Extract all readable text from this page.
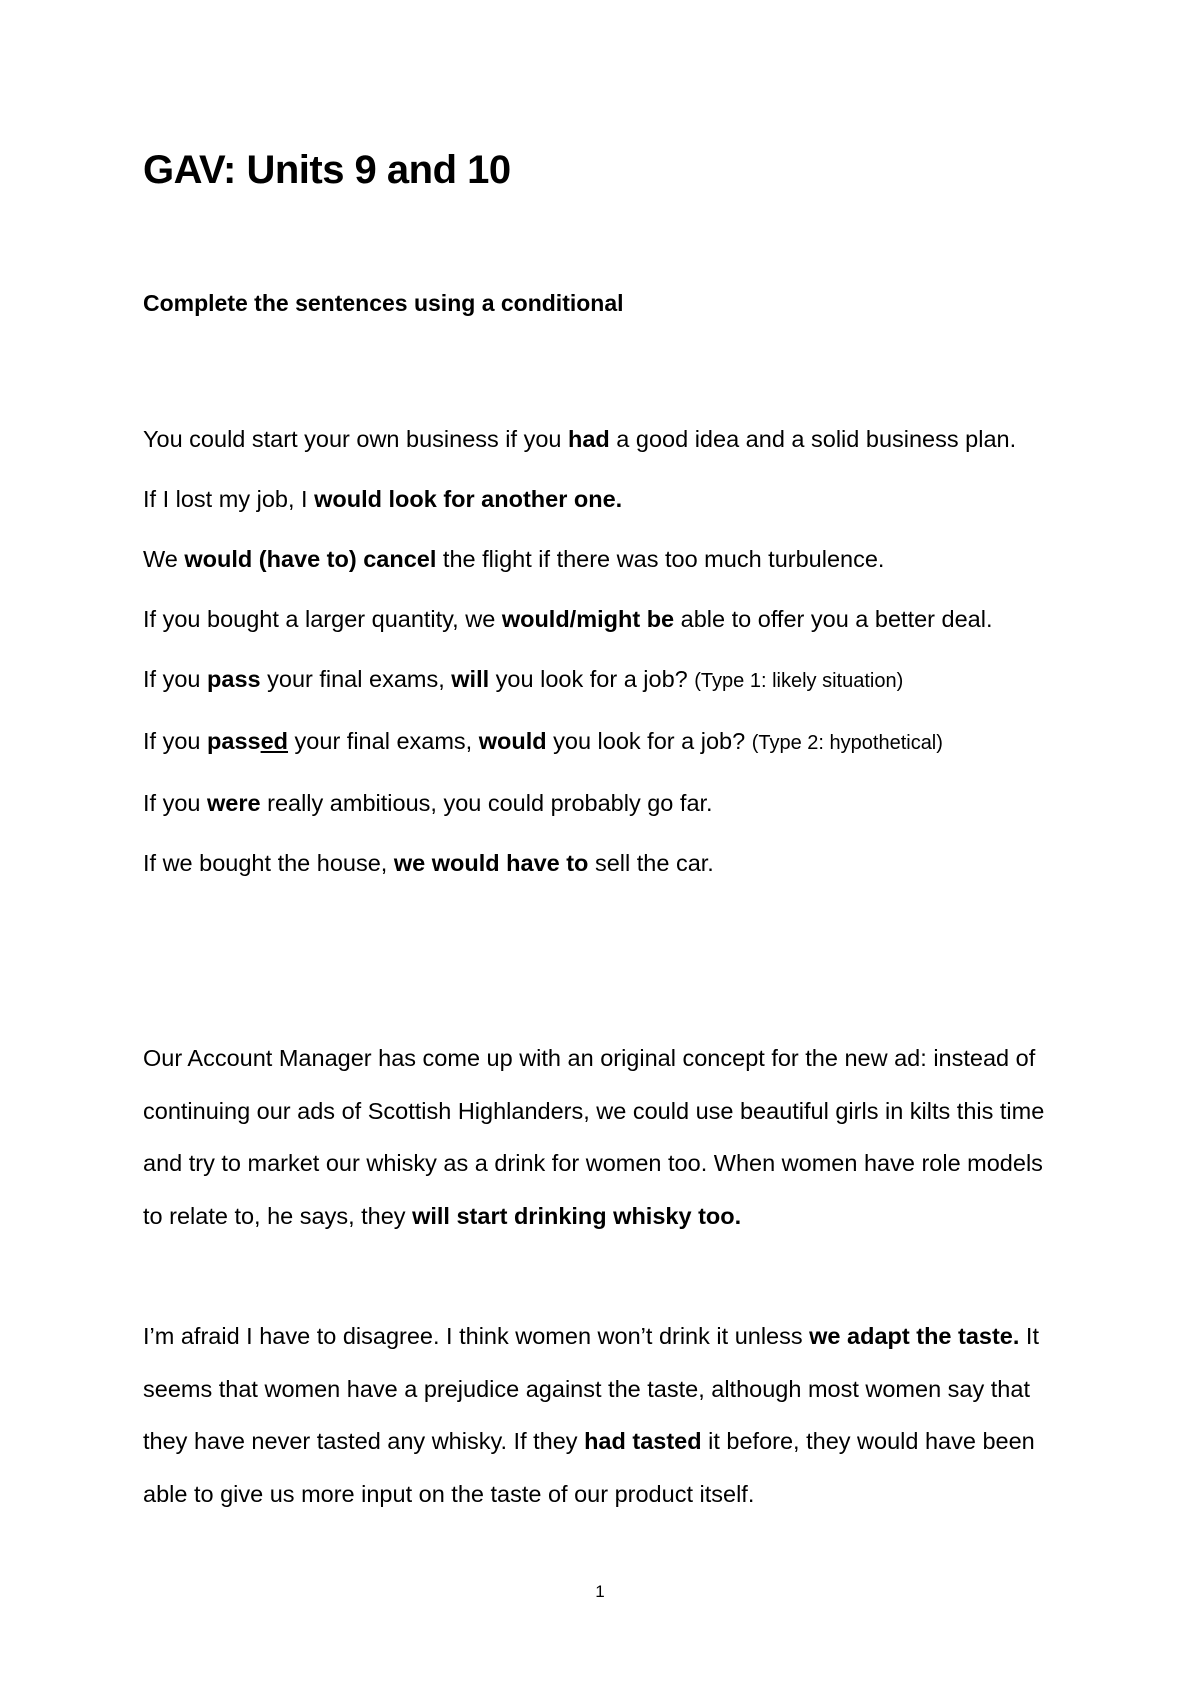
GAV: Units 9 and 10
Complete the sentences using a conditional

You could start your own business if you had a good idea and a solid business plan.

If I lost my job, I would look for another one.

We would (have to) cancel the flight if there was too much turbulence.

If you bought a larger quantity, we would/might be able to offer you a better deal.

If you pass your final exams, will you look for a job? (Type 1: likely situation)

If you passed your final exams, would you look for a job? (Type 2: hypothetical)

If you were really ambitious, you could probably go far.

If we bought the house, we would have to sell the car.

Our Account Manager has come up with an original concept for the new ad: instead of continuing our ads of Scottish Highlanders, we could use beautiful girls in kilts this time and try to market our whisky as a drink for women too. When women have role models to relate to, he says, they will start drinking whisky too.

I’m afraid I have to disagree. I think women won’t drink it unless we adapt the taste. It seems that women have a prejudice against the taste, although most women say that they have never tasted any whisky. If they had tasted it before, they would have been able to give us more input on the taste of our product itself.

1
